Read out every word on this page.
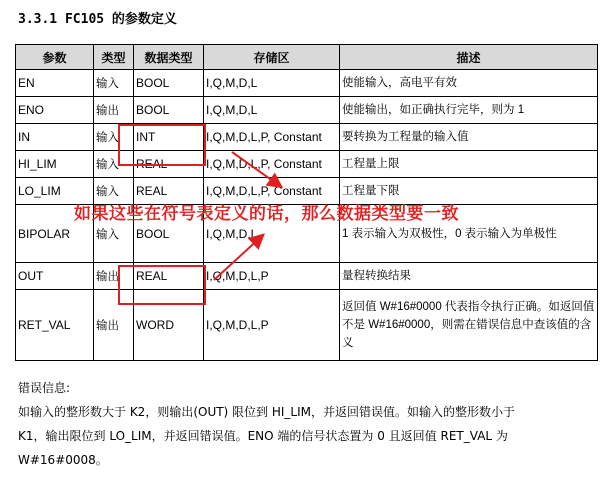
3.3.1 FC105 的参数定义
参数	类型	数据类型	存储区	描述
EN	输入	BOOL	I,Q,M,D,L	使能输入，高电平有效
ENO	输出	BOOL	I,Q,M,D,L	使能输出，如正确执行完毕，则为 1
IN	输入	INT	I,Q,M,D,L,P, Constant	要转换为工程量的输入值
HI_LIM	输入	REAL	I,Q,M,D,L,P, Constant	工程量上限
LO_LIM	输入	REAL	I,Q,M,D,L,P, Constant	工程量下限
BIPOLAR	输入	BOOL	I,Q,M,D,L	1 表示输入为双极性，0 表示输入为单极性
OUT	输出	REAL	I,Q,M,D,L,P	量程转换结果
RET_VAL	输出	WORD	I,Q,M,D,L,P	返回值 W#16#0000 代表指令执行正确。如返回值不是 W#16#0000，则需在错误信息中查该值的含义
如果这些在符号表定义的话，那么数据类型要一致

错误信息:

如输入的整形数大于 K2，则输出(OUT) 限位到 HI_LIM，并返回错误值。如输入的整形数小于

K1，输出限位到 LO_LIM，并返回错误值。ENO 端的信号状态置为 0 且返回值 RET_VAL 为

W#16#0008。
